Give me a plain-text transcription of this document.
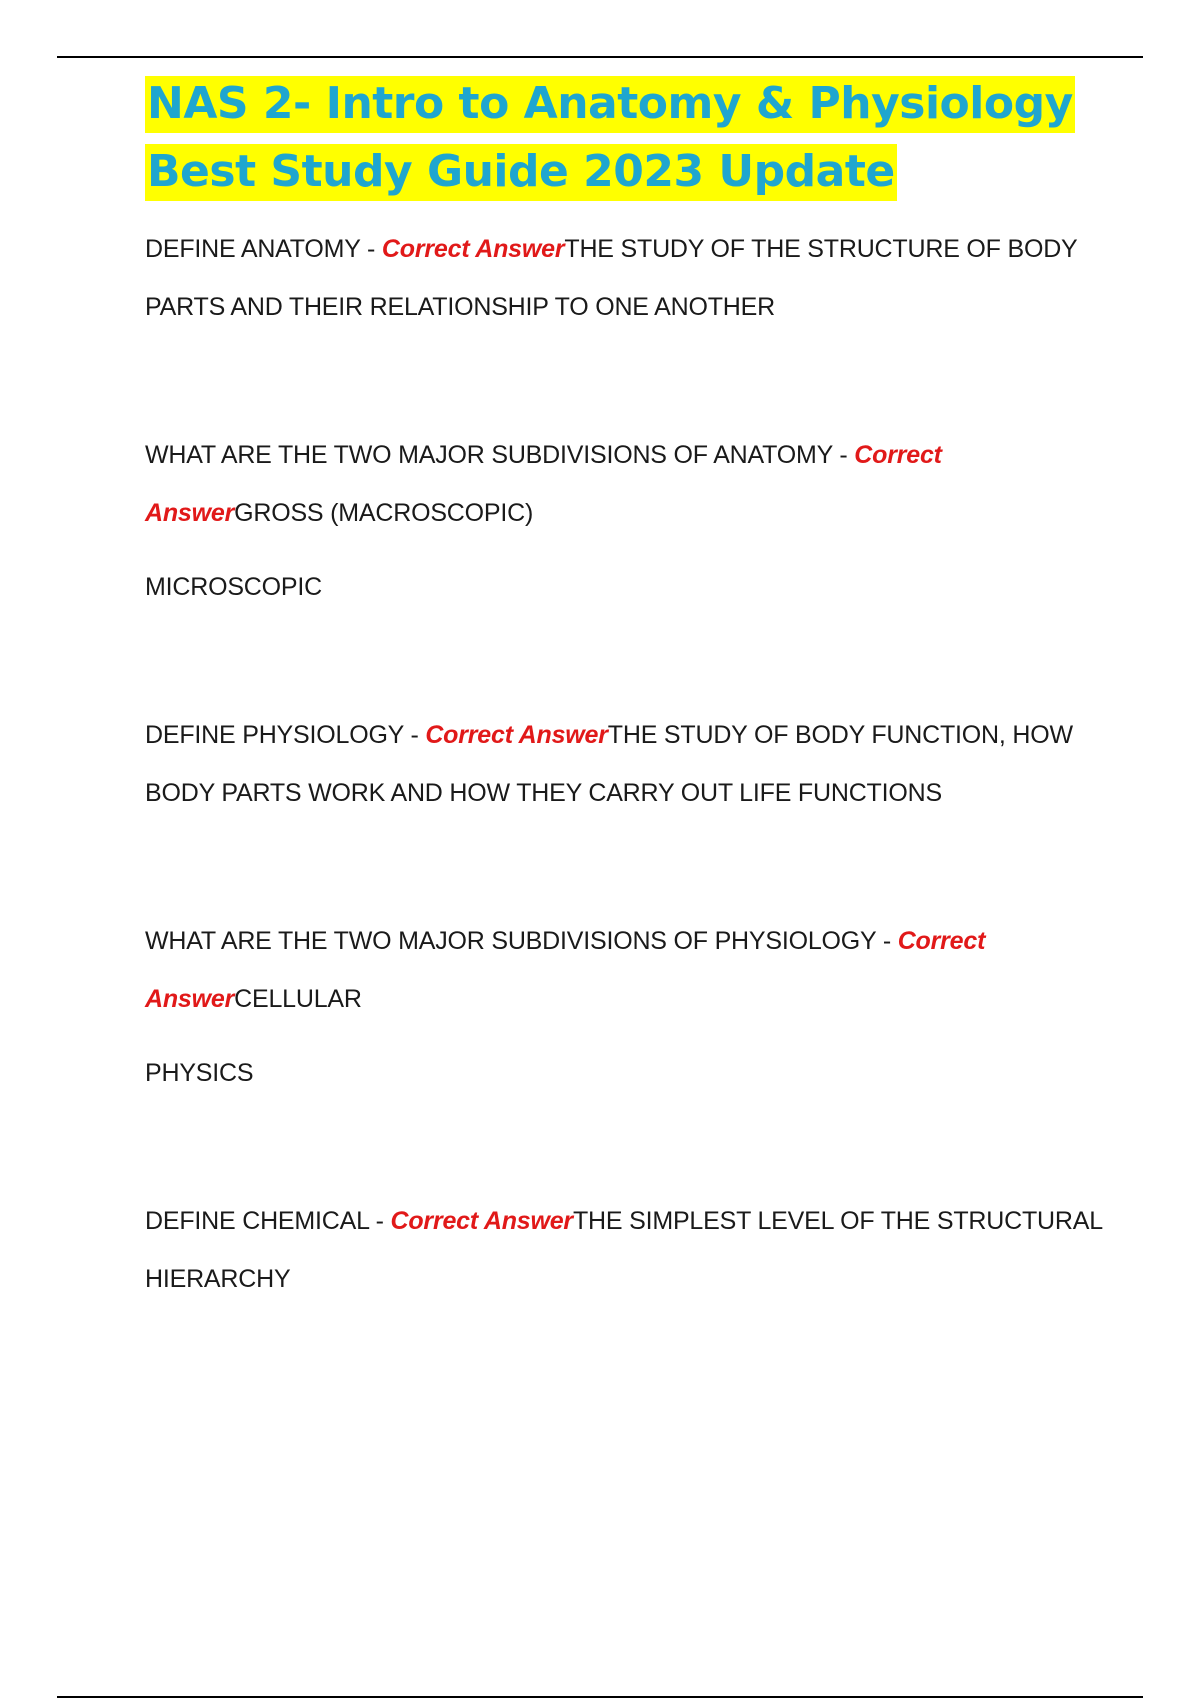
NAS 2- Intro to Anatomy & Physiology
Best Study Guide 2023 Update

DEFINE ANATOMY - Correct AnswerTHE STUDY OF THE STRUCTURE OF BODY PARTS AND THEIR RELATIONSHIP TO ONE ANOTHER

WHAT ARE THE TWO MAJOR SUBDIVISIONS OF ANATOMY - Correct AnswerGROSS (MACROSCOPIC)

MICROSCOPIC

DEFINE PHYSIOLOGY - Correct AnswerTHE STUDY OF BODY FUNCTION, HOW BODY PARTS WORK AND HOW THEY CARRY OUT LIFE FUNCTIONS

WHAT ARE THE TWO MAJOR SUBDIVISIONS OF PHYSIOLOGY - Correct AnswerCELLULAR

PHYSICS

DEFINE CHEMICAL - Correct AnswerTHE SIMPLEST LEVEL OF THE STRUCTURAL HIERARCHY
